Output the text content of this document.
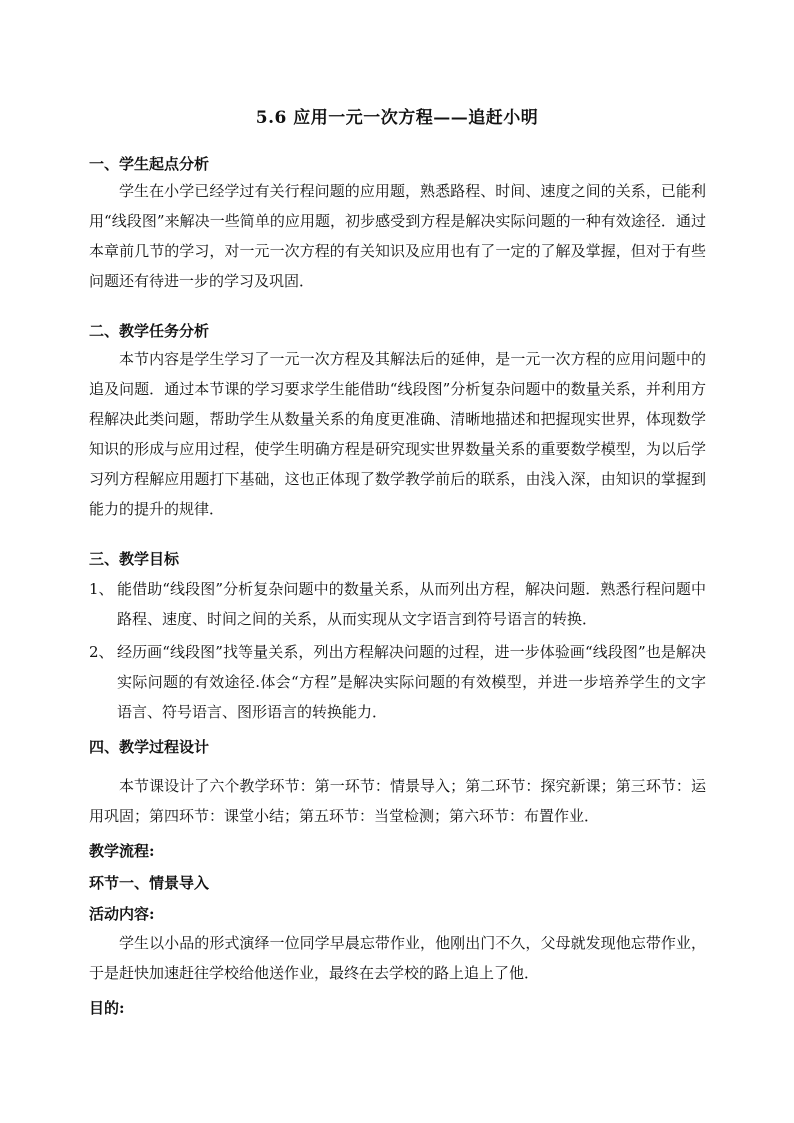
5.6 应用一元一次方程——追赶小明
一、学生起点分析

学生在小学已经学过有关行程问题的应用题，熟悉路程、时间、速度之间的关系，已能利用“线段图”来解决一些简单的应用题，初步感受到方程是解决实际问题的一种有效途径．通过本章前几节的学习，对一元一次方程的有关知识及应用也有了一定的了解及掌握，但对于有些问题还有待进一步的学习及巩固．

二、教学任务分析

本节内容是学生学习了一元一次方程及其解法后的延伸，是一元一次方程的应用问题中的追及问题．通过本节课的学习要求学生能借助“线段图”分析复杂问题中的数量关系，并利用方程解决此类问题，帮助学生从数量关系的角度更准确、清晰地描述和把握现实世界，体现数学知识的形成与应用过程，使学生明确方程是研究现实世界数量关系的重要数学模型，为以后学习列方程解应用题打下基础，这也正体现了数学教学前后的联系，由浅入深，由知识的掌握到能力的提升的规律．

三、教学目标
1、 能借助“线段图”分析复杂问题中的数量关系，从而列出方程，解决问题．熟悉行程问题中路程、速度、时间之间的关系，从而实现从文字语言到符号语言的转换．
2、 经历画“线段图”找等量关系，列出方程解决问题的过程，进一步体验画“线段图”也是解决实际问题的有效途径.体会“方程”是解决实际问题的有效模型，并进一步培养学生的文字语言、符号语言、图形语言的转换能力．
四、教学过程设计

本节课设计了六个教学环节：第一环节：情景导入；第二环节：探究新课；第三环节：运用巩固；第四环节：课堂小结；第五环节：当堂检测；第六环节：布置作业．

教学流程:
环节一、情景导入
活动内容:

学生以小品的形式演绎一位同学早晨忘带作业，他刚出门不久，父母就发现他忘带作业，于是赶快加速赶往学校给他送作业，最终在去学校的路上追上了他．

目的:
